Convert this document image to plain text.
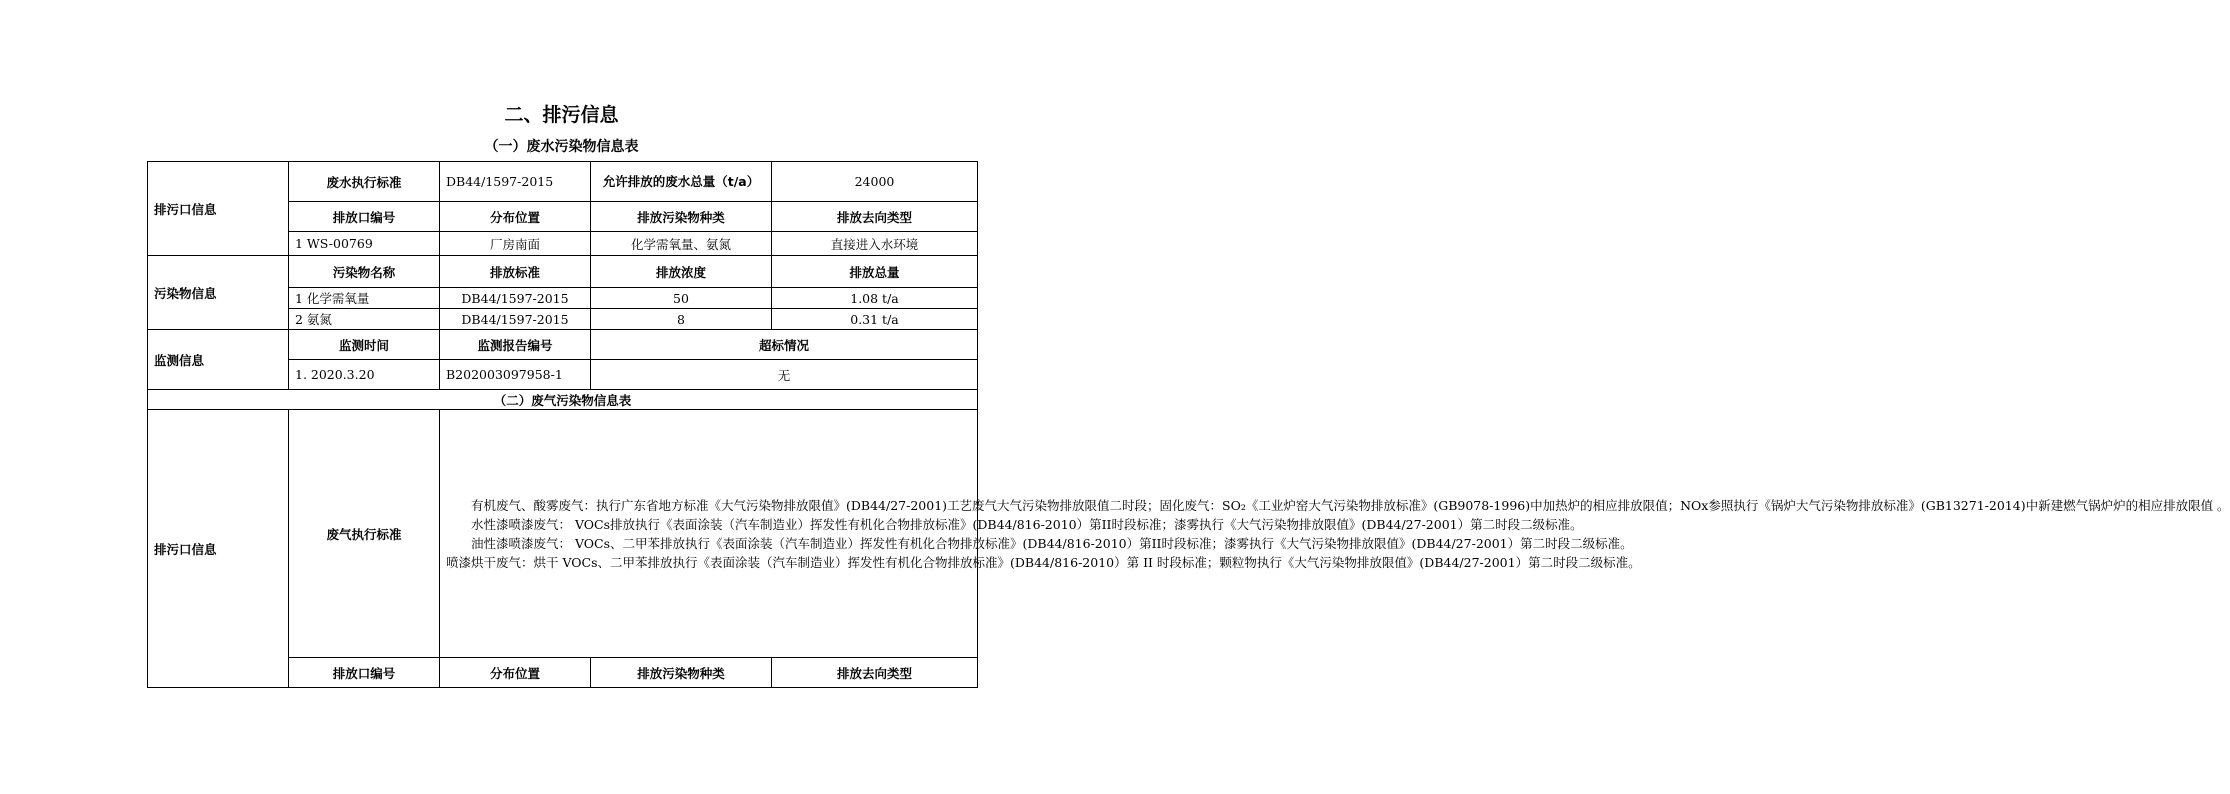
二、排污信息
（一）废水污染物信息表
排污口信息	废水执行标准	DB44/1597-2015	允许排放的废水总量（t/a）	24000
	排放口编号	分布位置	排放污染物种类	排放去向类型
	1 WS-00769	厂房南面	化学需氧量、氨氮	直接进入水环境
污染物信息	污染物名称	排放标准	排放浓度	排放总量
	1 化学需氧量	DB44/1597-2015	50	1.08 t/a
	2 氨氮	DB44/1597-2015	8	0.31 t/a
监测信息	监测时间	监测报告编号	超标情况	
	1. 2020.3.20	B202003097958-1	无	
（二）废气污染物信息表				
排污口信息	废气执行标准	有机废气、酸雾废气：执行广东省地方标准《大气污染物排放限值》(DB44/27-2001)工艺废气大气污染物排放限值二时段；固化废气：SO₂《工业炉窑大气污染物排放标准》(GB9078-1996)中加热炉的相应排放限值；NOx参照执行《锅炉大气污染物排放标准》(GB13271-2014)中新建燃气锅炉炉的相应排放限值 。
水性漆喷漆废气： VOCs排放执行《表面涂装（汽车制造业）挥发性有机化合物排放标准》(DB44/816-2010）第II时段标准；漆雾执行《大气污染物排放限值》(DB44/27-2001）第二时段二级标准。
油性漆喷漆废气： VOCs、二甲苯排放执行《表面涂装（汽车制造业）挥发性有机化合物排放标准》(DB44/816-2010）第II时段标准；漆雾执行《大气污染物排放限值》(DB44/27-2001）第二时段二级标准。
喷漆烘干废气：烘干 VOCs、二甲苯排放执行《表面涂装（汽车制造业）挥发性有机化合物排放标准》(DB44/816-2010）第 II 时段标准；颗粒物执行《大气污染物排放限值》(DB44/27-2001）第二时段二级标准。		

	排放口编号	分布位置	排放污染物种类	排放去向类型
